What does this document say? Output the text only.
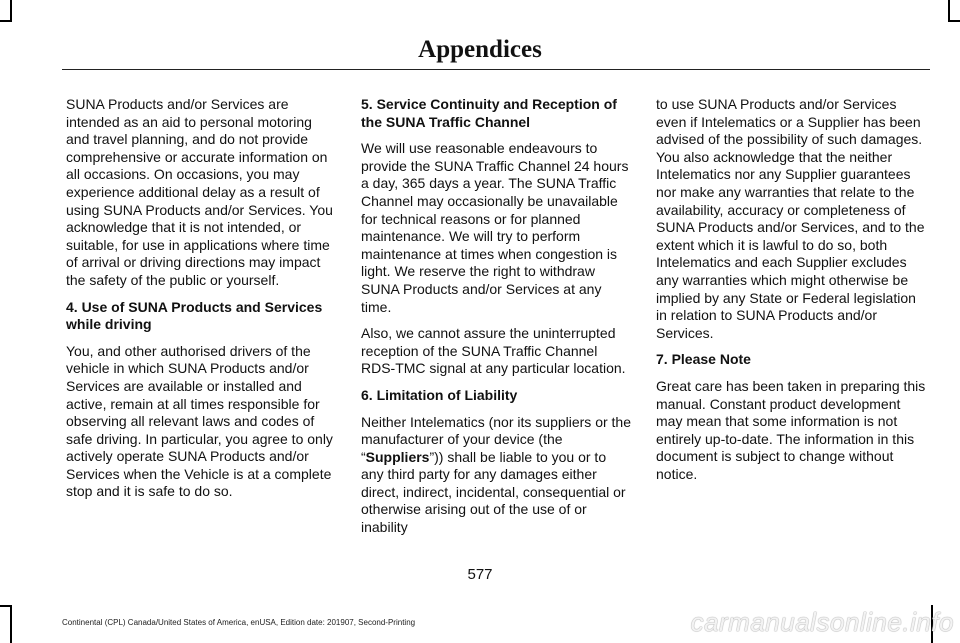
Appendices

SUNA Products and/or Services are intended as an aid to personal motoring and travel planning, and do not provide comprehensive or accurate information on all occasions. On occasions, you may experience additional delay as a result of using SUNA Products and/or Services. You acknowledge that it is not intended, or suitable, for use in applications where time of arrival or driving directions may impact the safety of the public or yourself.

4. Use of SUNA Products and Services while driving

You, and other authorised drivers of the vehicle in which SUNA Products and/or Services are available or installed and active, remain at all times responsible for observing all relevant laws and codes of safe driving. In particular, you agree to only actively operate SUNA Products and/or Services when the Vehicle is at a complete stop and it is safe to do so.

5. Service Continuity and Reception of the SUNA Traffic Channel

We will use reasonable endeavours to provide the SUNA Traffic Channel 24 hours a day, 365 days a year. The SUNA Traffic Channel may occasionally be unavailable for technical reasons or for planned maintenance. We will try to perform maintenance at times when congestion is light. We reserve the right to withdraw SUNA Products and/or Services at any time.

Also, we cannot assure the uninterrupted reception of the SUNA Traffic Channel RDS-TMC signal at any particular location.

6. Limitation of Liability

Neither Intelematics (nor its suppliers or the manufacturer of your device (the “Suppliers”)) shall be liable to you or to any third party for any damages either direct, indirect, incidental, consequential or otherwise arising out of the use of or inability

to use SUNA Products and/or Services even if Intelematics or a Supplier has been advised of the possibility of such damages. You also acknowledge that the neither Intelematics nor any Supplier guarantees nor make any warranties that relate to the availability, accuracy or completeness of SUNA Products and/or Services, and to the extent which it is lawful to do so, both Intelematics and each Supplier excludes any warranties which might otherwise be implied by any State or Federal legislation in relation to SUNA Products and/or Services.

7. Please Note

Great care has been taken in preparing this manual. Constant product development may mean that some information is not entirely up-to-date. The information in this document is subject to change without notice.

577
Continental (CPL) Canada/United States of America, enUSA, Edition date: 201907, Second-Printing	carmanualsonline.info
